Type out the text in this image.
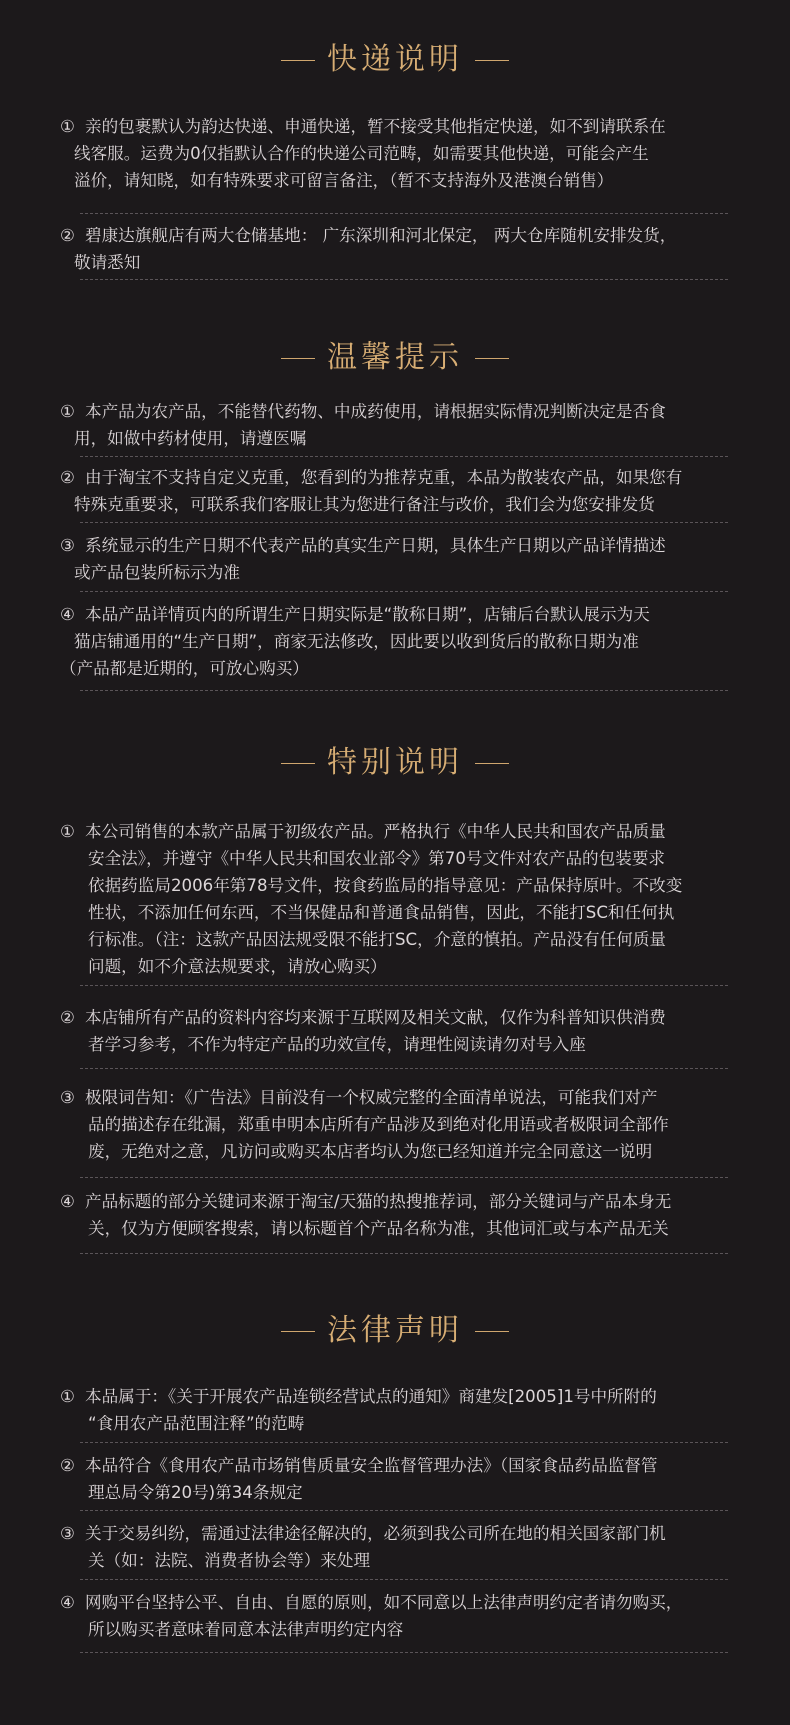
快递说明
① 亲的包裹默认为韵达快递、申通快递，暂不接受其他指定快递，如不到请联系在
线客服。运费为0仅指默认合作的快递公司范畴，如需要其他快递，可能会产生
溢价，请知晓，如有特殊要求可留言备注，（暂不支持海外及港澳台销售）
② 碧康达旗舰店有两大仓储基地： 广东深圳和河北保定， 两大仓库随机安排发货，
敬请悉知
温馨提示
① 本产品为农产品，不能替代药物、中成药使用，请根据实际情况判断决定是否食
用，如做中药材使用，请遵医嘱
② 由于淘宝不支持自定义克重，您看到的为推荐克重，本品为散装农产品，如果您有
特殊克重要求，可联系我们客服让其为您进行备注与改价，我们会为您安排发货
③ 系统显示的生产日期不代表产品的真实生产日期，具体生产日期以产品详情描述
或产品包装所标示为准
④ 本品产品详情页内的所谓生产日期实际是“散称日期”，店铺后台默认展示为天
猫店铺通用的“生产日期”，商家无法修改，因此要以收到货后的散称日期为准
（产品都是近期的，可放心购买）
特别说明
① 本公司销售的本款产品属于初级农产品。严格执行《中华人民共和国农产品质量
安全法》，并遵守《中华人民共和国农业部令》第70号文件对农产品的包装要求
依据药监局2006年第78号文件，按食药监局的指导意见：产品保持原叶。不改变
性状，不添加任何东西，不当保健品和普通食品销售，因此，不能打SC和任何执
行标准。（注：这款产品因法规受限不能打SC，介意的慎拍。产品没有任何质量
问题，如不介意法规要求，请放心购买）
② 本店铺所有产品的资料内容均来源于互联网及相关文献，仅作为科普知识供消费
者学习参考，不作为特定产品的功效宣传，请理性阅读请勿对号入座
③ 极限词告知：《广告法》目前没有一个权威完整的全面清单说法，可能我们对产
品的描述存在纰漏，郑重申明本店所有产品涉及到绝对化用语或者极限词全部作
废，无绝对之意，凡访问或购买本店者均认为您已经知道并完全同意这一说明
④ 产品标题的部分关键词来源于淘宝/天猫的热搜推荐词，部分关键词与产品本身无
关，仅为方便顾客搜索，请以标题首个产品名称为准，其他词汇或与本产品无关
法律声明
① 本品属于：《关于开展农产品连锁经营试点的通知》商建发[2005]1号中所附的
“食用农产品范围注释”的范畴
② 本品符合《食用农产品市场销售质量安全监督管理办法》（国家食品药品监督管
理总局令第20号)第34条规定
③ 关于交易纠纷，需通过法律途径解决的，必须到我公司所在地的相关国家部门机
关（如：法院、消费者协会等）来处理
④ 网购平台坚持公平、自由、自愿的原则，如不同意以上法律声明约定者请勿购买，
所以购买者意味着同意本法律声明约定内容
